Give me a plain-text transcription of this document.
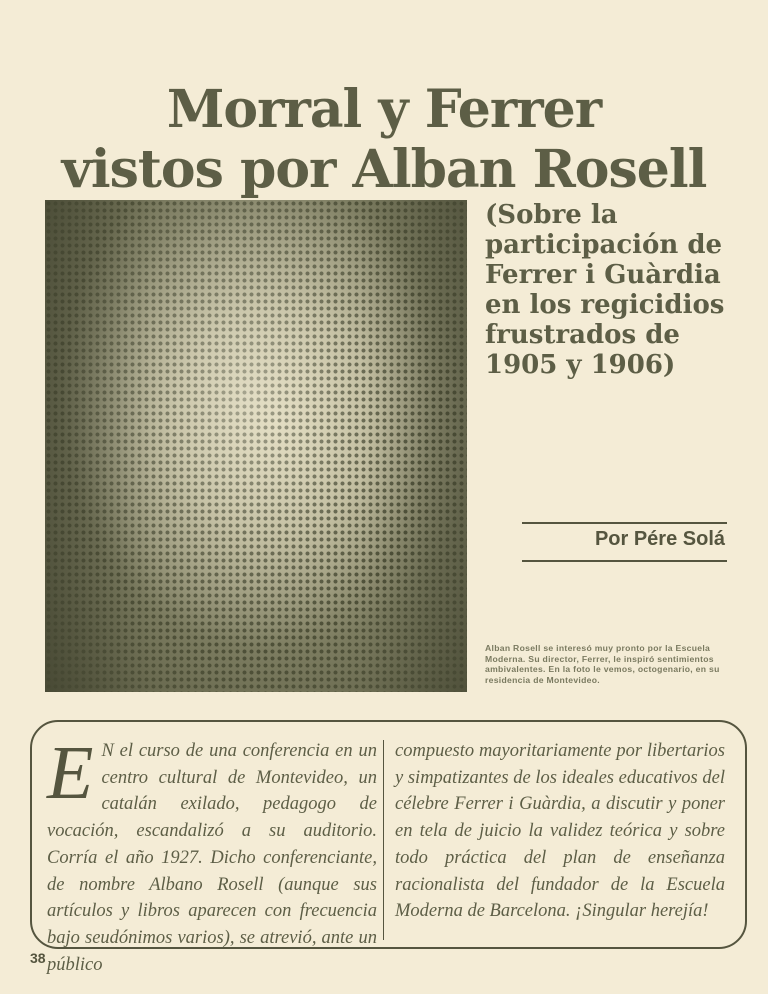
Morral y Ferrer
vistos por Alban Rosell
(Sobre la participación de Ferrer i Guàrdia en los regicidios frustrados de 1905 y 1906)
Por Pére Solá
Alban Rosell se interesó muy pronto por la Escuela Moderna. Su director, Ferrer, le inspiró sentimientos ambivalentes. En la foto le vemos, octogenario, en su residencia de Montevideo.
E N el curso de una conferencia en un centro cultural de Montevideo, un catalán exilado, pedagogo de vocación, escandalizó a su auditorio. Corría el año 1927. Dicho conferenciante, de nombre Albano Rosell (aunque sus artículos y libros aparecen con frecuencia bajo seudónimos varios), se atrevió, ante un público
compuesto mayoritariamente por libertarios y simpatizantes de los ideales educativos del célebre Ferrer i Guàrdia, a discutir y poner en tela de juicio la validez teórica y sobre todo práctica del plan de enseñanza racionalista del fundador de la Escuela Moderna de Barcelona. ¡Singular herejía!
38
